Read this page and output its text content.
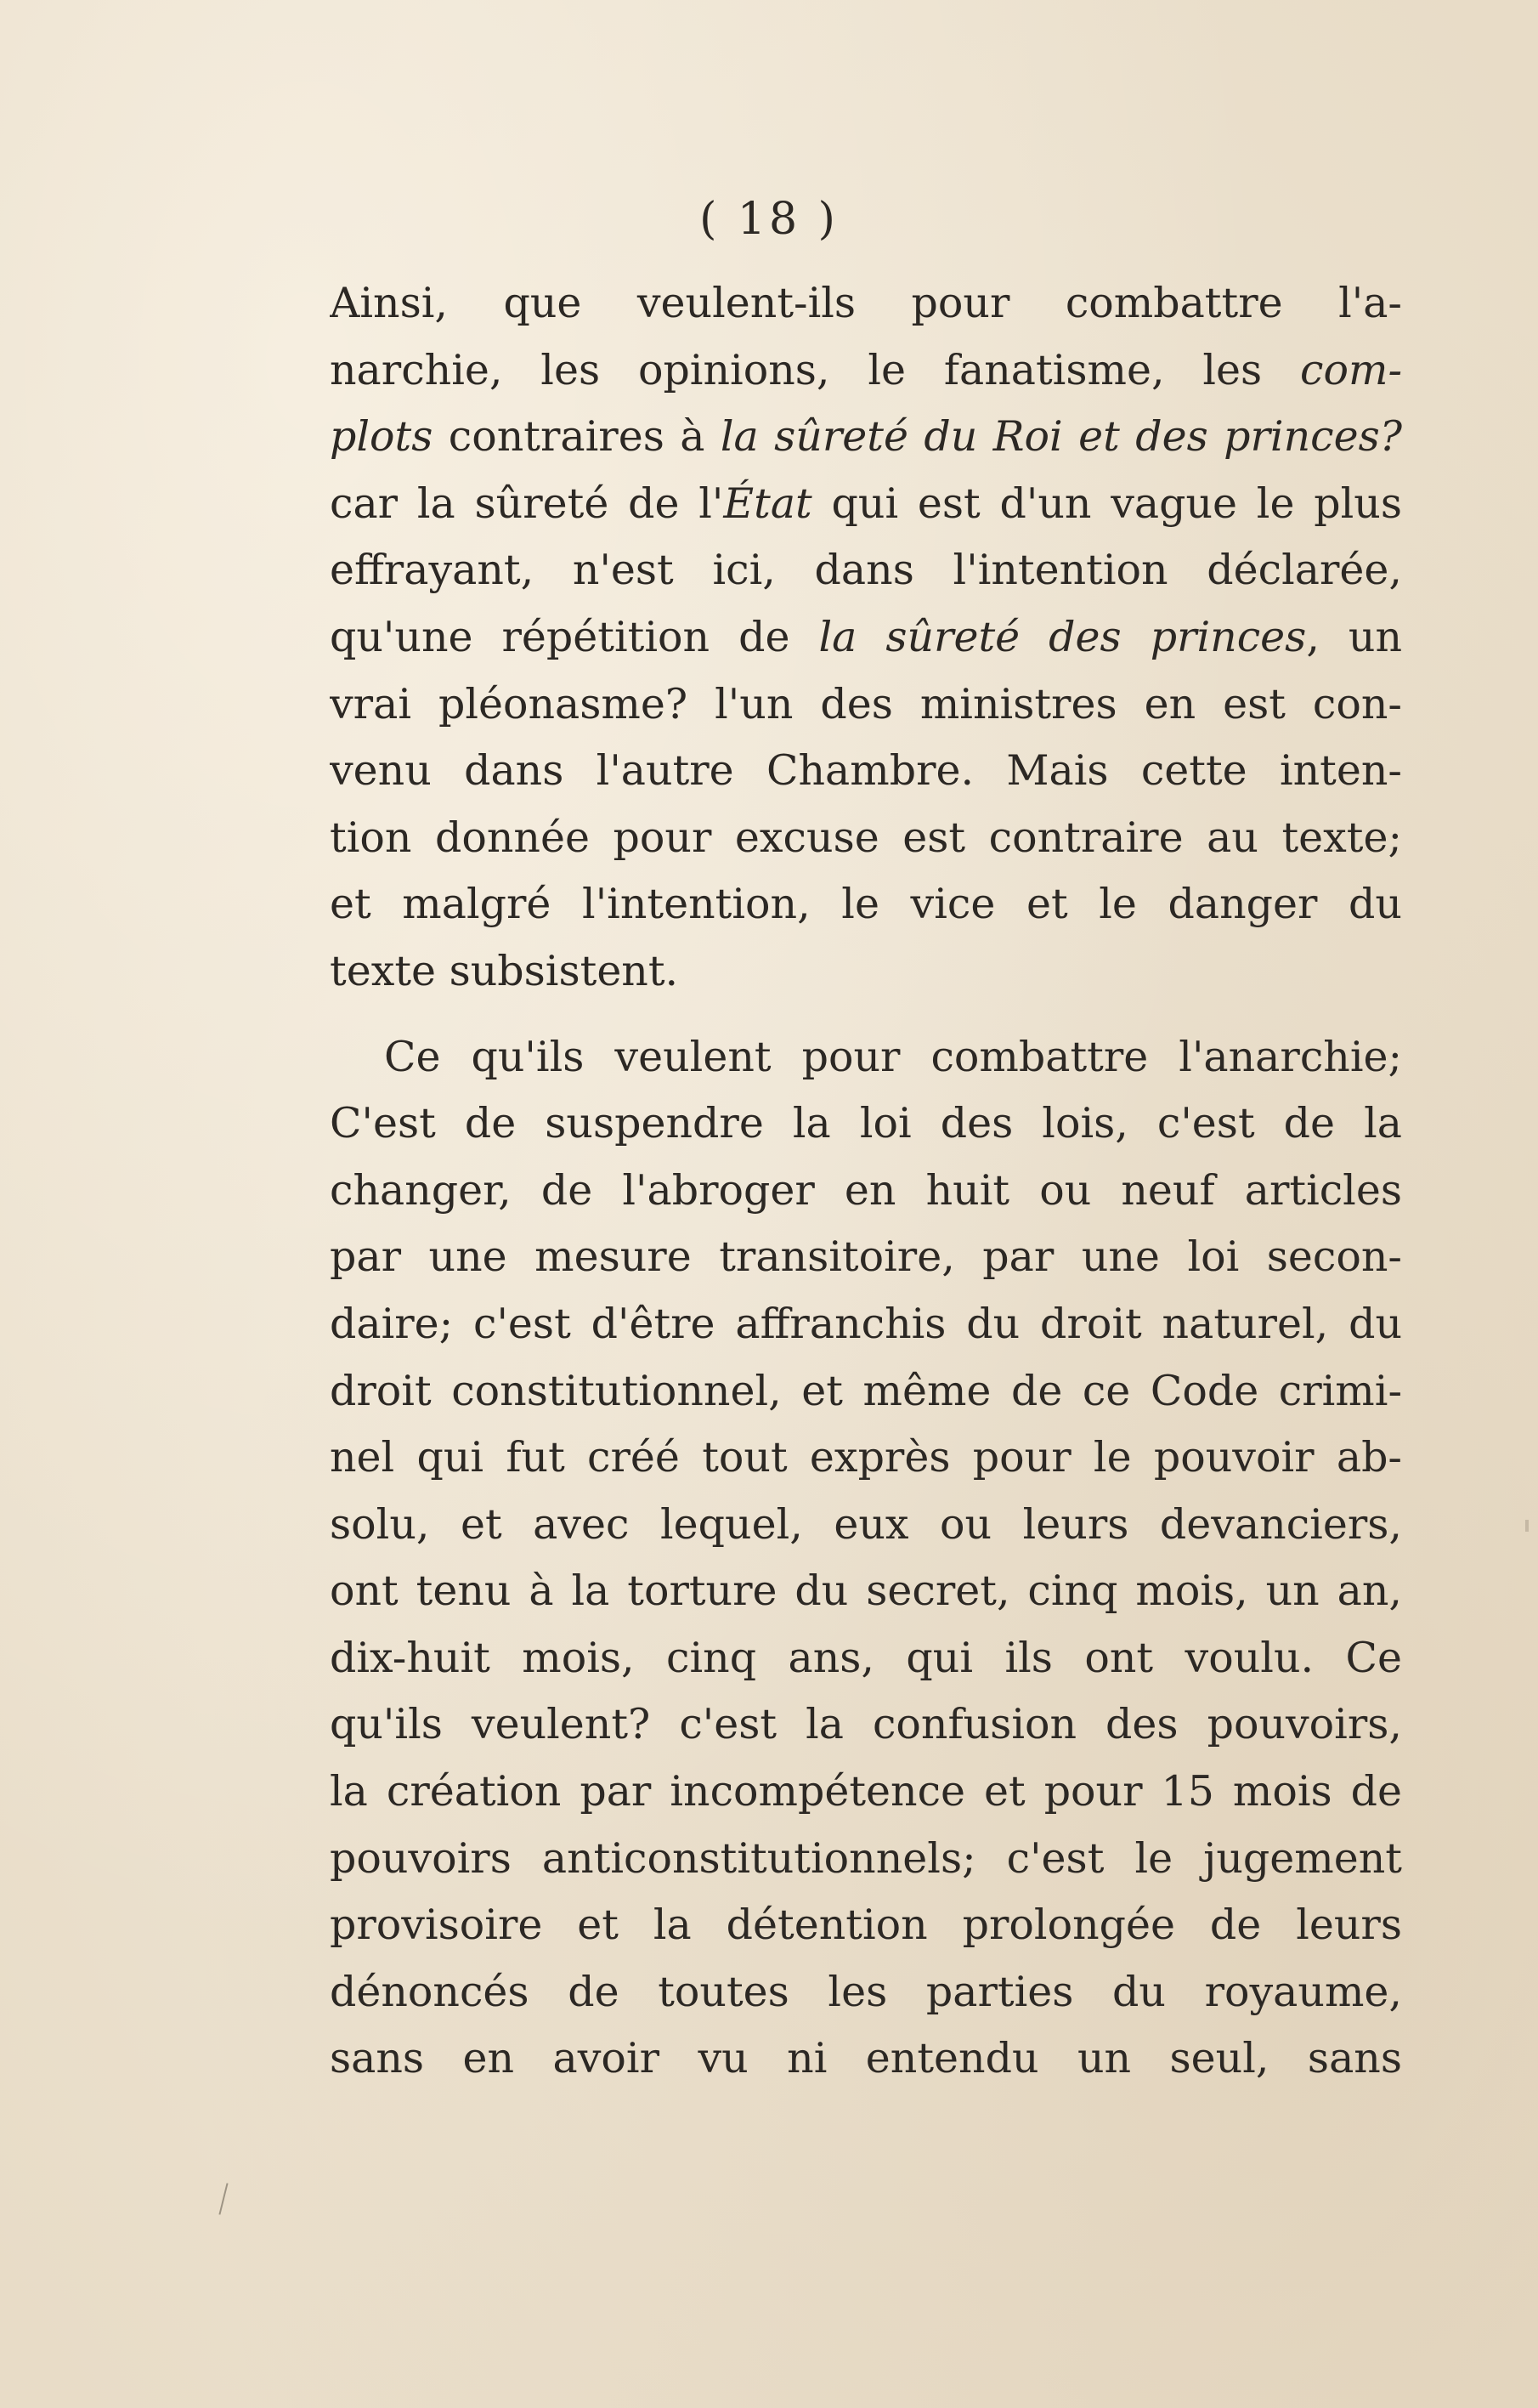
( 18 )
Ainsi, que veulent-ils pour combattre l'a-
narchie, les opinions, le fanatisme, les com-
plots contraires à la sûreté du Roi et des princes?
car la sûreté de l'État qui est d'un vague le plus
effrayant, n'est ici, dans l'intention déclarée,
qu'une répétition de la sûreté des princes, un
vrai pléonasme? l'un des ministres en est con-
venu dans l'autre Chambre. Mais cette inten-
tion donnée pour excuse est contraire au texte;
et malgré l'intention, le vice et le danger du
texte subsistent.
Ce qu'ils veulent pour combattre l'anarchie;
C'est de suspendre la loi des lois, c'est de la
changer, de l'abroger en huit ou neuf articles
par une mesure transitoire, par une loi secon-
daire; c'est d'être affranchis du droit naturel, du
droit constitutionnel, et même de ce Code crimi-
nel qui fut créé tout exprès pour le pouvoir ab-
solu, et avec lequel, eux ou leurs devanciers,
ont tenu à la torture du secret, cinq mois, un an,
dix-huit mois, cinq ans, qui ils ont voulu. Ce
qu'ils veulent? c'est la confusion des pouvoirs,
la création par incompétence et pour 15 mois de
pouvoirs anticonstitutionnels; c'est le jugement
provisoire et la détention prolongée de leurs
dénoncés de toutes les parties du royaume,
sans en avoir vu ni entendu un seul, sans
